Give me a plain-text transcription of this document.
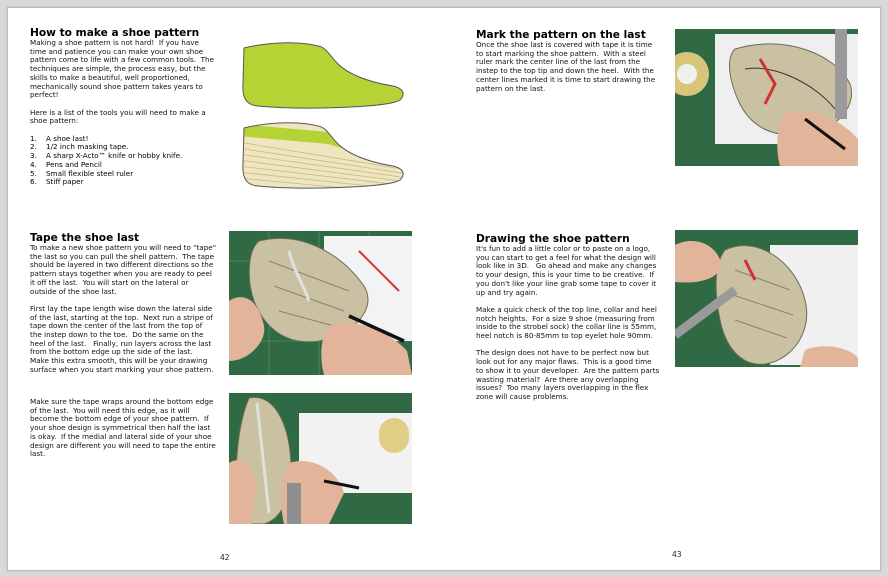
How to make a shoe pattern

Making a shoe pattern is not hard!  If you have time and patience you can make your own shoe pattern come to life with a few common tools.  The techniques are simple, the process easy, but the skills to make a beautiful, well proportioned, mechanically sound shoe pattern takes years to perfect!

Here is a list of the tools you will need to make a shoe pattern:

1. A shoe last!
2. 1/2 inch masking tape.
3. A sharp X-Acto™ knife or hobby knife.
4. Pens and Pencil
5. Small flexible steel ruler
6. Stiff paper
Tape the shoe last

To make a new shoe pattern you will need to "tape" the last so you can pull the shell pattern.  The tape should be layered in two different directions so the pattern stays together when you are ready to peel it off the last.  You will start on the lateral or outside of the shoe last.

First lay the tape length wise down the lateral side of the last, starting at the top.  Next run a stripe of tape down the center of the last from the top of the instep down to the toe.  Do the same on the heel of the last.   Finally, run layers across the last from the bottom edge up the side of the last.  Make this extra smooth, this will be your drawing surface when you start marking your shoe pattern.

Make sure the tape wraps around the bottom edge of the last.  You will need this edge, as it will become the bottom edge of your shoe pattern.  If your shoe design is symmetrical then half the last is okay.  If the medial and lateral side of your shoe design are different you will need to tape the entire last.

42
Mark the pattern on the last

Once the shoe last is covered with tape it is time to start marking the shoe pattern.  With a steel ruler mark the center line of the last from the instep to the top tip and down the heel.  With the center lines marked it is time to start drawing the pattern on the last.

Drawing the shoe pattern

It's fun to add a little color or to paste on a logo, you can start to get a feel for what the design will look like in 3D.   Go ahead and make any changes to your design, this is your time to be creative.  If you don't like your line grab some tape to cover it up and try again.

Make a quick check of the top line, collar and heel notch heights.  For a size 9 shoe (measuring from inside to the strobel sock) the collar line is 55mm, heel notch is 80-85mm to top eyelet hole 90mm.

The design does not have to be perfect now but look out for any major flaws.  This is a good time to show it to your developer.  Are the pattern parts wasting material?  Are there any overlapping issues?  Too many layers overlapping in the flex zone will cause problems.

43
